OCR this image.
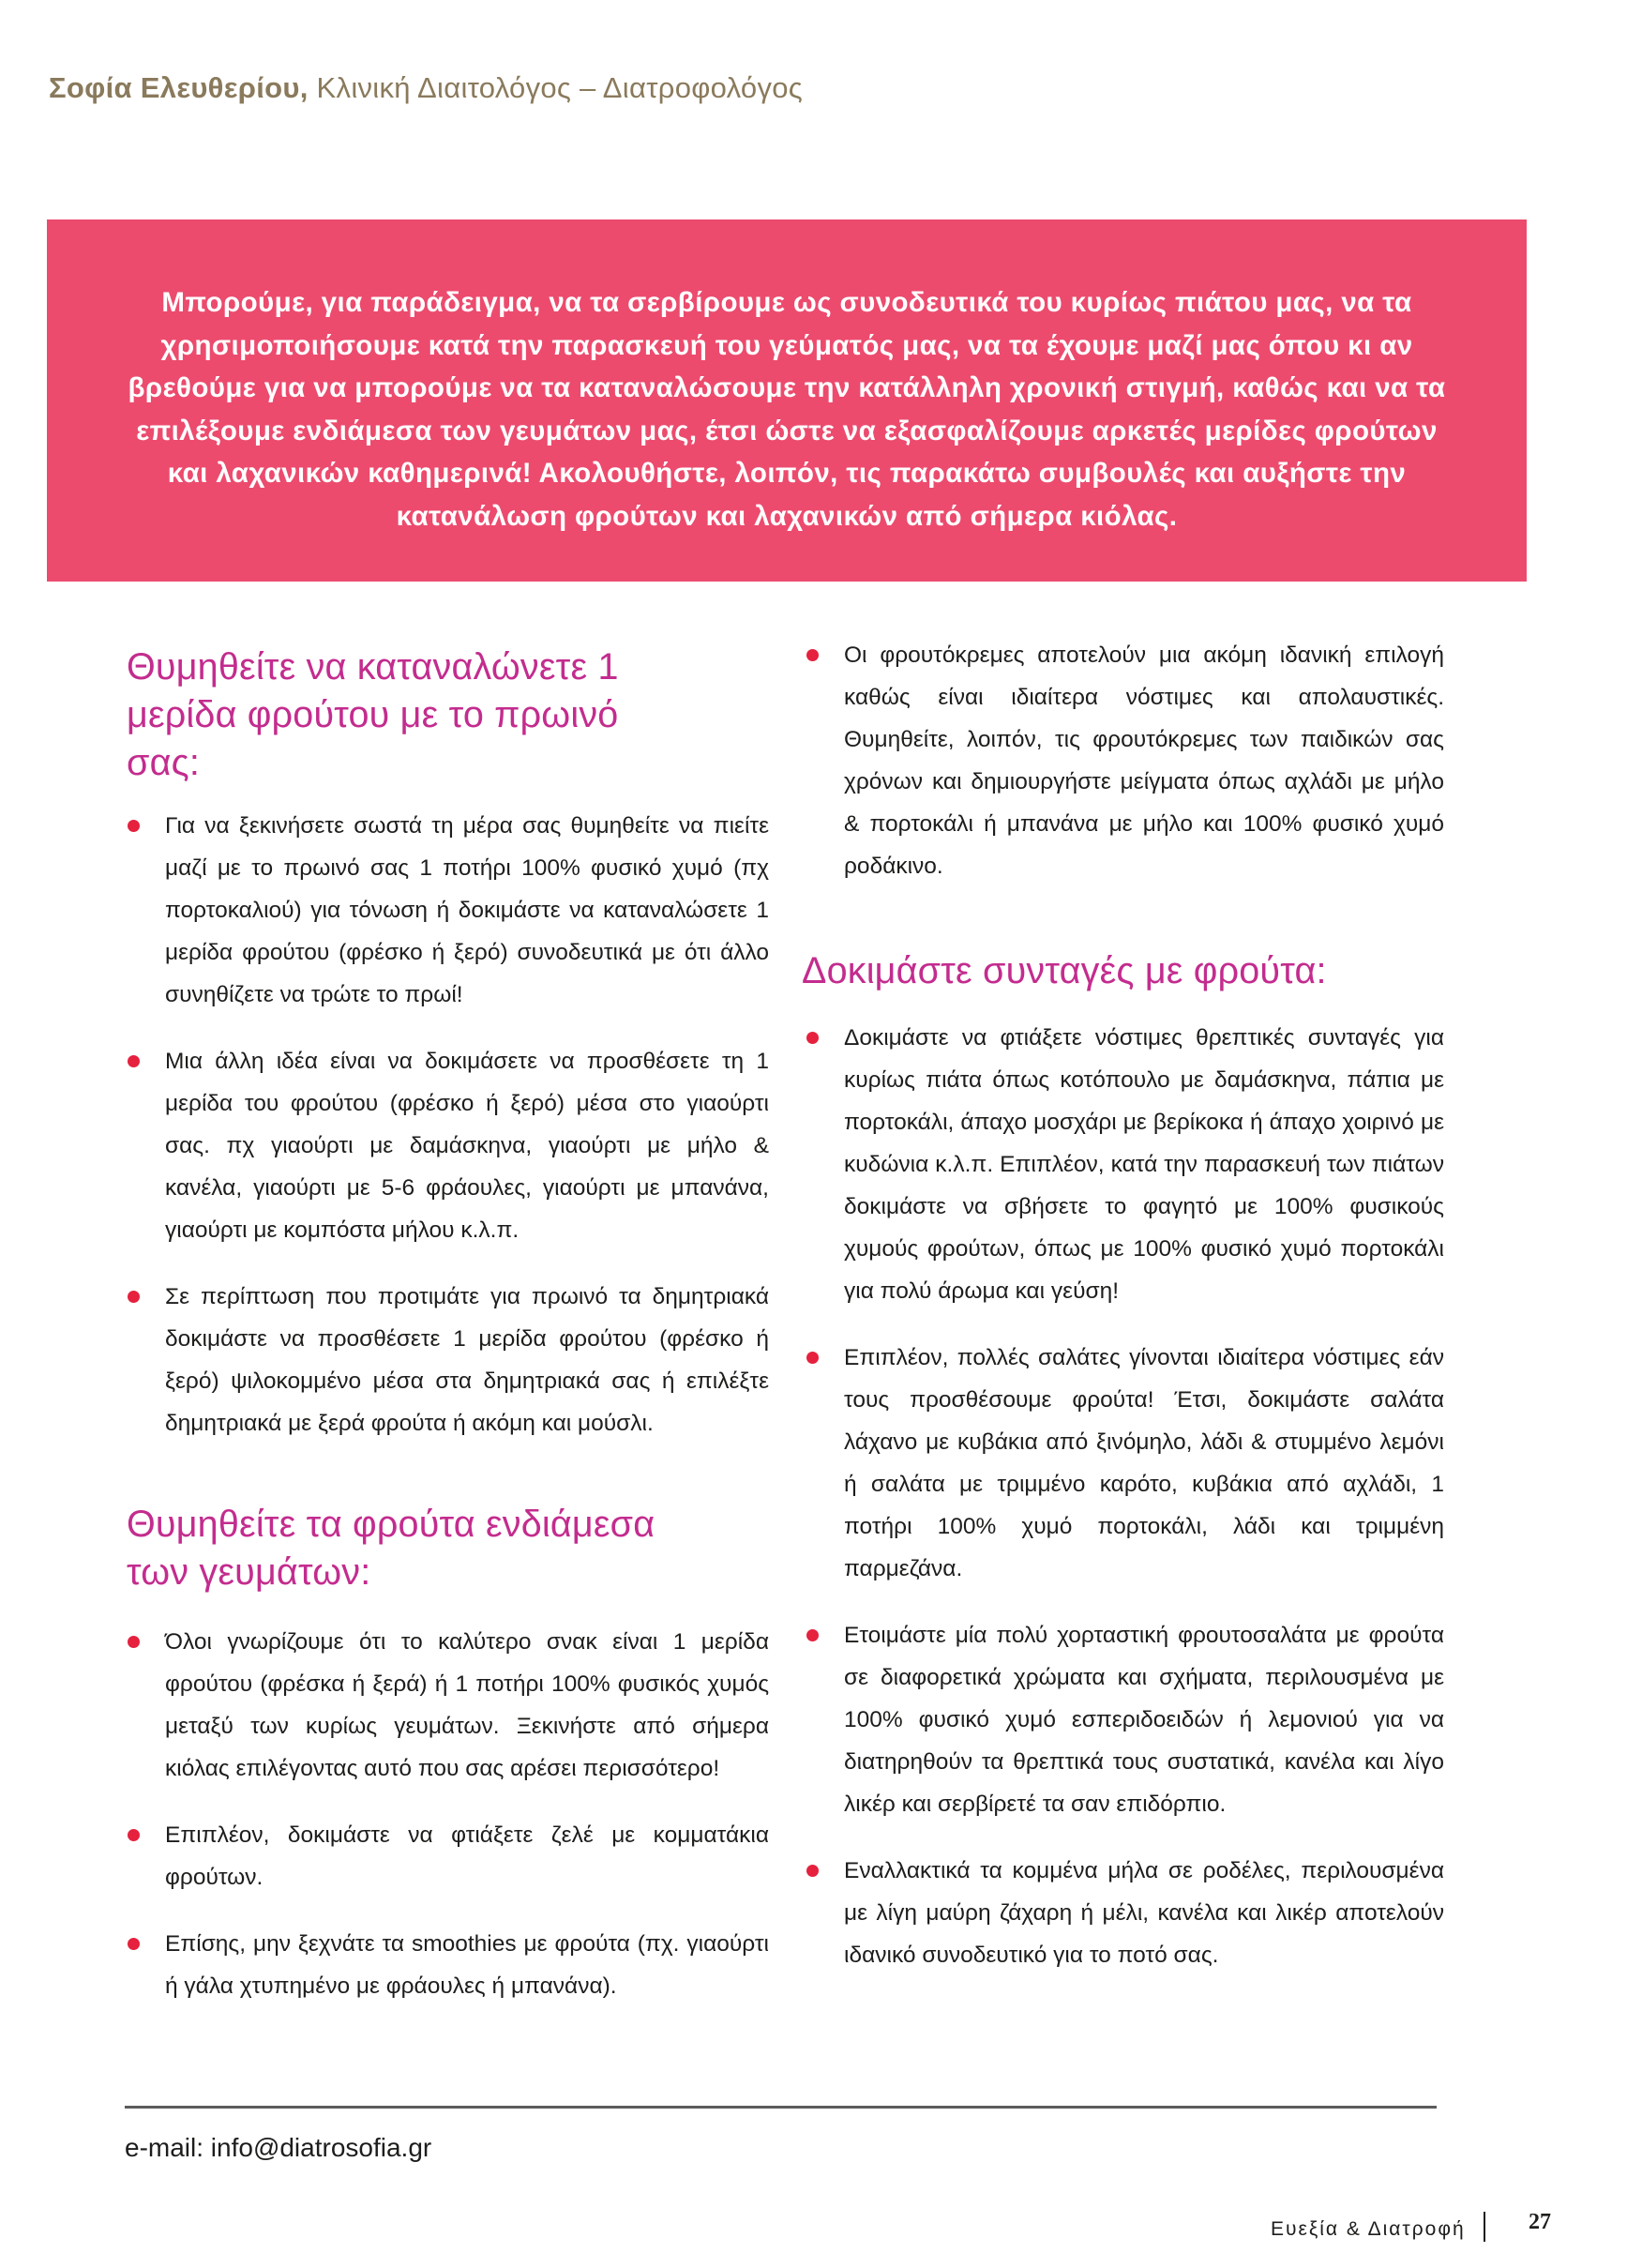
Σοφία Ελευθερίου, Κλινική Διαιτολόγος – Διατροφολόγος

Μπορούμε, για παράδειγμα, να τα σερβίρουμε ως συνοδευτικά του κυρίως πιάτου μας, να τα χρησιμοποιήσουμε κατά την παρασκευή του γεύματός μας, να τα έχουμε μαζί μας όπου κι αν βρεθούμε για να μπορούμε να τα καταναλώσουμε την κατάλληλη χρονική στιγμή, καθώς και να τα επιλέξουμε ενδιάμεσα των γευμάτων μας, έτσι ώστε να εξασφαλίζουμε αρκετές μερίδες φρούτων και λαχανικών καθημερινά! Ακολουθήστε, λοιπόν, τις παρακάτω συμβουλές και αυξήστε την κατανάλωση φρούτων και λαχανικών από σήμερα κιόλας.

Θυμηθείτε να καταναλώνετε 1 μερίδα φρούτου με το πρωινό σας:
Για να ξεκινήσετε σωστά τη μέρα σας θυμηθείτε να πιείτε μαζί με το πρωινό σας 1 ποτήρι 100% φυσικό χυμό (πχ πορτοκαλιού) για τόνωση ή δοκιμάστε να καταναλώσετε 1 μερίδα φρούτου (φρέσκο ή ξερό) συνοδευτικά με ότι άλλο συνηθίζετε να τρώτε το πρωί!
Μια άλλη ιδέα είναι να δοκιμάσετε να προσθέσετε τη 1 μερίδα του φρούτου (φρέσκο ή ξερό) μέσα στο γιαούρτι σας. πχ γιαούρτι με δαμάσκηνα, γιαούρτι με μήλο & κανέλα, γιαούρτι με 5-6 φράουλες, γιαούρτι με μπανάνα, γιαούρτι με κομπόστα μήλου κ.λ.π.
Σε περίπτωση που προτιμάτε για πρωινό τα δημητριακά δοκιμάστε να προσθέσετε 1 μερίδα φρούτου (φρέσκο ή ξερό) ψιλοκομμένο μέσα στα δημητριακά σας ή επιλέξτε δημητριακά με ξερά φρούτα ή ακόμη και μούσλι.
Θυμηθείτε τα φρούτα ενδιάμεσα των γευμάτων:
Όλοι γνωρίζουμε ότι το καλύτερο σνακ είναι 1 μερίδα φρούτου (φρέσκα ή ξερά) ή 1 ποτήρι 100% φυσικός χυμός μεταξύ των κυρίως γευμάτων. Ξεκινήστε από σήμερα κιόλας επιλέγοντας αυτό που σας αρέσει περισσότερο!
Επιπλέον, δοκιμάστε να φτιάξετε ζελέ με κομματάκια φρούτων.
Επίσης, μην ξεχνάτε τα smoothies με φρούτα (πχ. γιαούρτι ή γάλα χτυπημένο με φράουλες ή μπανάνα).
Οι φρουτόκρεμες αποτελούν μια ακόμη ιδανική επιλογή καθώς είναι ιδιαίτερα νόστιμες και απολαυστικές. Θυμηθείτε, λοιπόν, τις φρουτόκρεμες των παιδικών σας χρόνων και δημιουργήστε μείγματα όπως αχλάδι με μήλο & πορτοκάλι ή μπανάνα με μήλο και 100% φυσικό χυμό ροδάκινο.
Δοκιμάστε συνταγές με φρούτα:
Δοκιμάστε να φτιάξετε νόστιμες θρεπτικές συνταγές για κυρίως πιάτα όπως κοτόπουλο με δαμάσκηνα, πάπια με πορτοκάλι, άπαχο μοσχάρι με βερίκοκα ή άπαχο χοιρινό με κυδώνια κ.λ.π. Επιπλέον, κατά την παρασκευή των πιάτων δοκιμάστε να σβήσετε το φαγητό με 100% φυσικούς χυμούς φρούτων, όπως με 100% φυσικό χυμό πορτοκάλι για πολύ άρωμα και γεύση!
Επιπλέον, πολλές σαλάτες γίνονται ιδιαίτερα νόστιμες εάν τους προσθέσουμε φρούτα! Έτσι, δοκιμάστε σαλάτα λάχανο με κυβάκια από ξινόμηλο, λάδι & στυμμένο λεμόνι ή σαλάτα με τριμμένο καρότο, κυβάκια από αχλάδι, 1 ποτήρι 100% χυμό πορτοκάλι, λάδι και τριμμένη παρμεζάνα.
Ετοιμάστε μία πολύ χορταστική φρουτοσαλάτα με φρούτα σε διαφορετικά χρώματα και σχήματα, περιλουσμένα με 100% φυσικό χυμό εσπεριδοειδών ή λεμονιού για να διατηρηθούν τα θρεπτικά τους συστατικά, κανέλα και λίγο λικέρ και σερβίρετέ τα σαν επιδόρπιο.
Εναλλακτικά τα κομμένα μήλα σε ροδέλες, περιλουσμένα με λίγη μαύρη ζάχαρη ή μέλι, κανέλα και λικέρ αποτελούν ιδανικό συνοδευτικό για το ποτό σας.
e-mail: info@diatrosofia.gr
Ευεξία & Διατροφή	27
